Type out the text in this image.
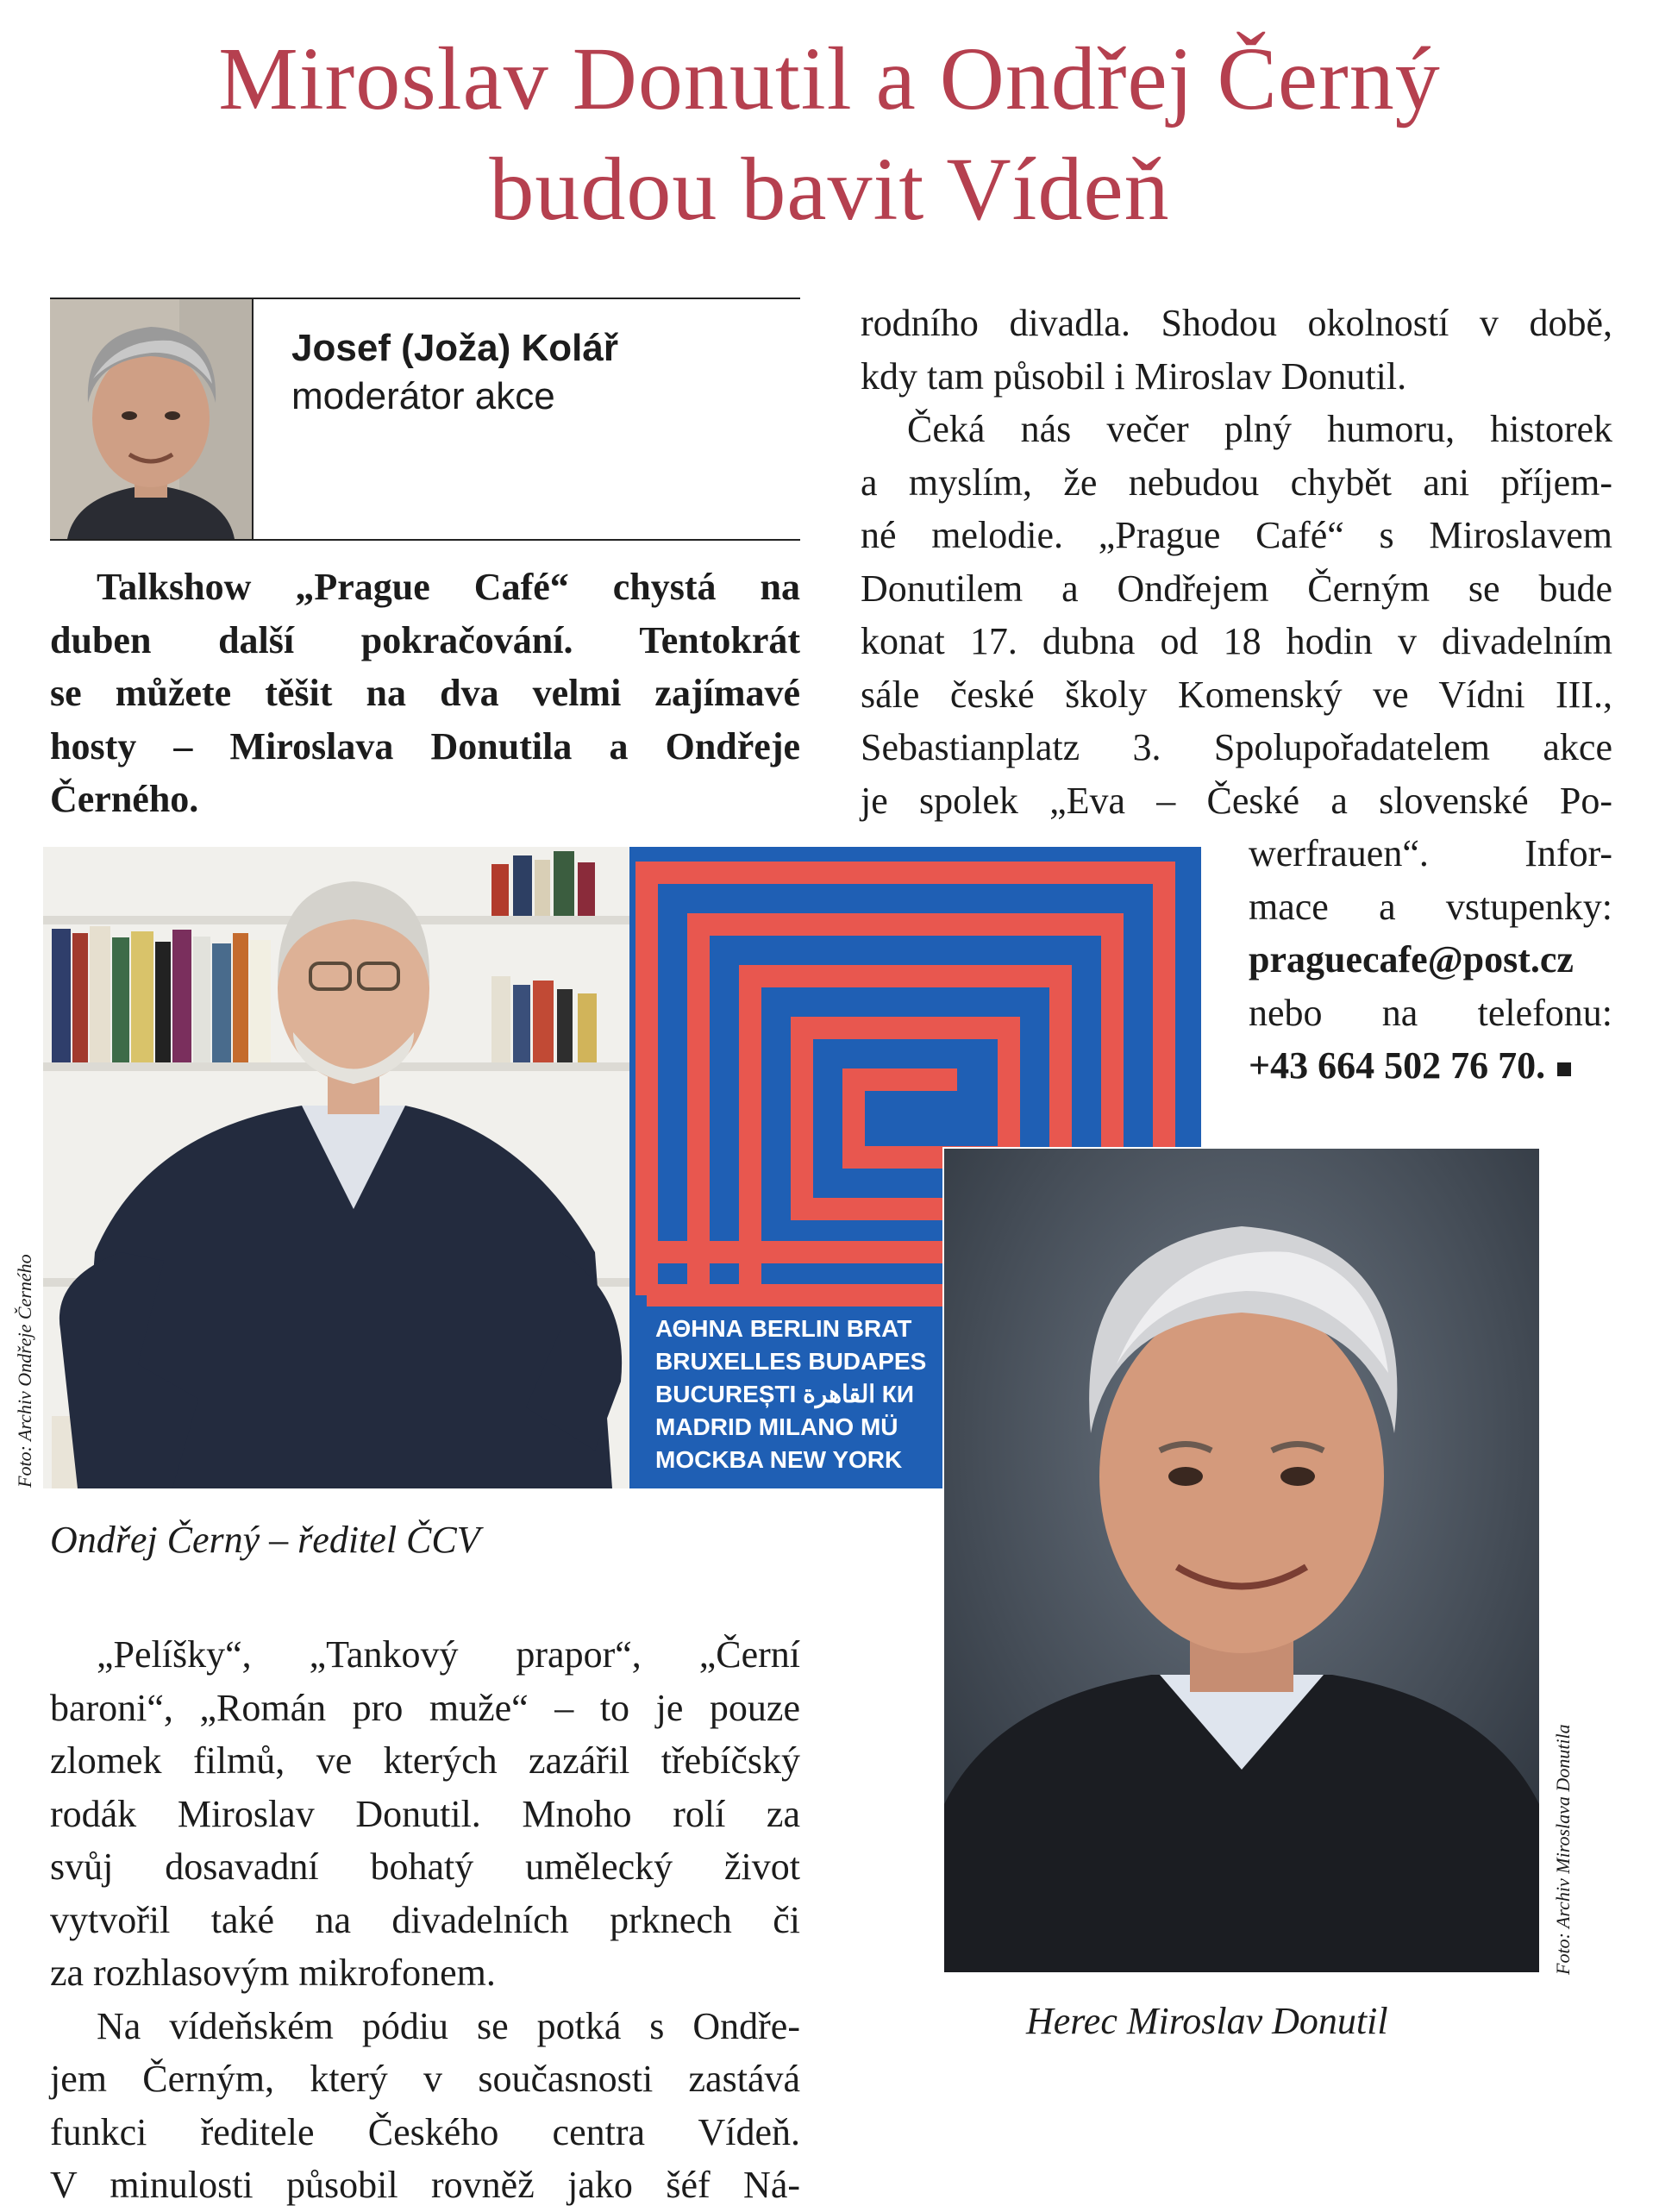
Miroslav Donutil a Ondřej Černý
budou bavit Vídeň
Josef (Joža) Kolář
moderátor akce
Talkshow „Prague Café“ chystá na
duben další pokračování. Tentokrát
se můžete těšit na dva velmi zajímavé
hosty – Miroslava Donutila a Ondřeje
Černého.
rodního divadla. Shodou okolností v době,
kdy tam působil i Miroslav Donutil.
Čeká nás večer plný humoru, historek
a myslím, že nebudou chybět ani příjem-
né melodie. „Prague Café“ s Miroslavem
Donutilem a Ondřejem Černým se bude
konat 17. dubna od 18 hodin v divadelním
sále české školy Komenský ve Vídni III.,
Sebastianplatz 3. Spolupořadatelem akce
je spolek „Eva – České a slovenské Po-
werfrauen“. Infor-
mace a vstupenky:
praguecafe@post.cz
nebo na telefonu:
+43 664 502 76 70.
ΑΘΗΝΑ BERLIN BRAT
BRUXELLES BUDAPES
BUCUREȘTI القاهرة КИ
MADRID MILANO MÜ
MOCKBA NEW YORK
Foto: Archiv Ondřeje Černého
Ondřej Černý – ředitel ČCV
Foto: Archiv Miroslava Donutila
Herec Miroslav Donutil
„Pelíšky“, „Tankový prapor“, „Černí
baroni“, „Román pro muže“ – to je pouze
zlomek filmů, ve kterých zazářil třebíčský
rodák Miroslav Donutil. Mnoho rolí za
svůj dosavadní bohatý umělecký život
vytvořil také na divadelních prknech či
za rozhlasovým mikrofonem.
Na vídeňském pódiu se potká s Ondře-
jem Černým, který v současnosti zastává
funkci ředitele Českého centra Vídeň.
V minulosti působil rovněž jako šéf Ná-
